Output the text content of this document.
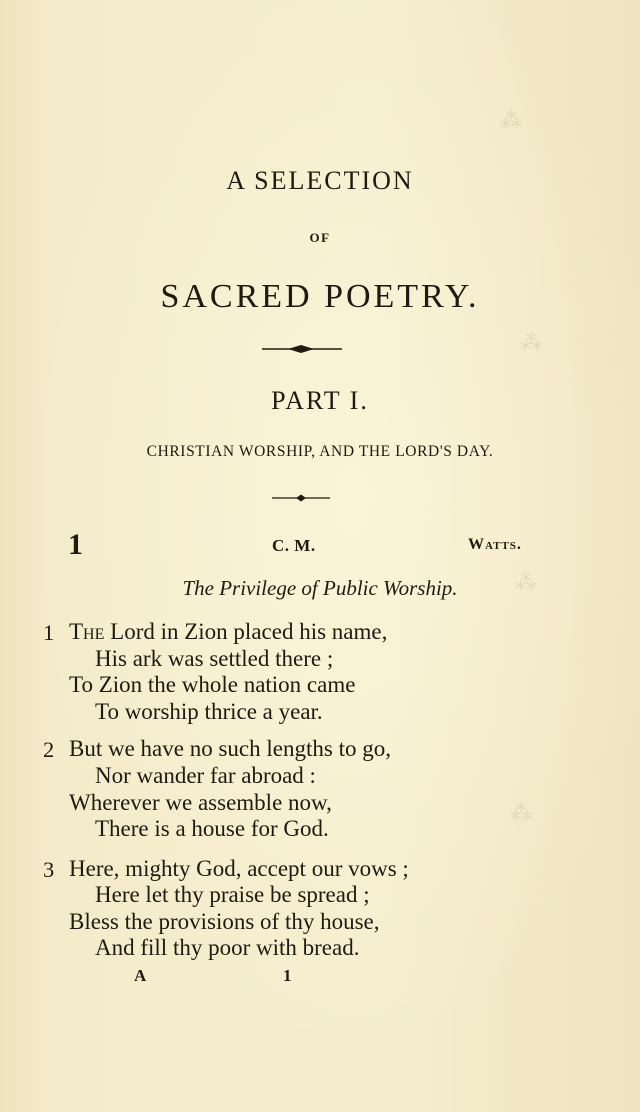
⁂
⁂
⁂
⁂
A SELECTION
OF
SACRED POETRY.
PART I.
CHRISTIAN WORSHIP, AND THE LORD'S DAY.
1	C. M.	Watts.
The Privilege of Public Worship.
1 The Lord in Zion placed his name,
His ark was settled there ;
To Zion the whole nation came
To worship thrice a year.
2 But we have no such lengths to go,
Nor wander far abroad :
Wherever we assemble now,
There is a house for God.
3 Here, mighty God, accept our vows ;
Here let thy praise be spread ;
Bless the provisions of thy house,
And fill thy poor with bread.
A	1
